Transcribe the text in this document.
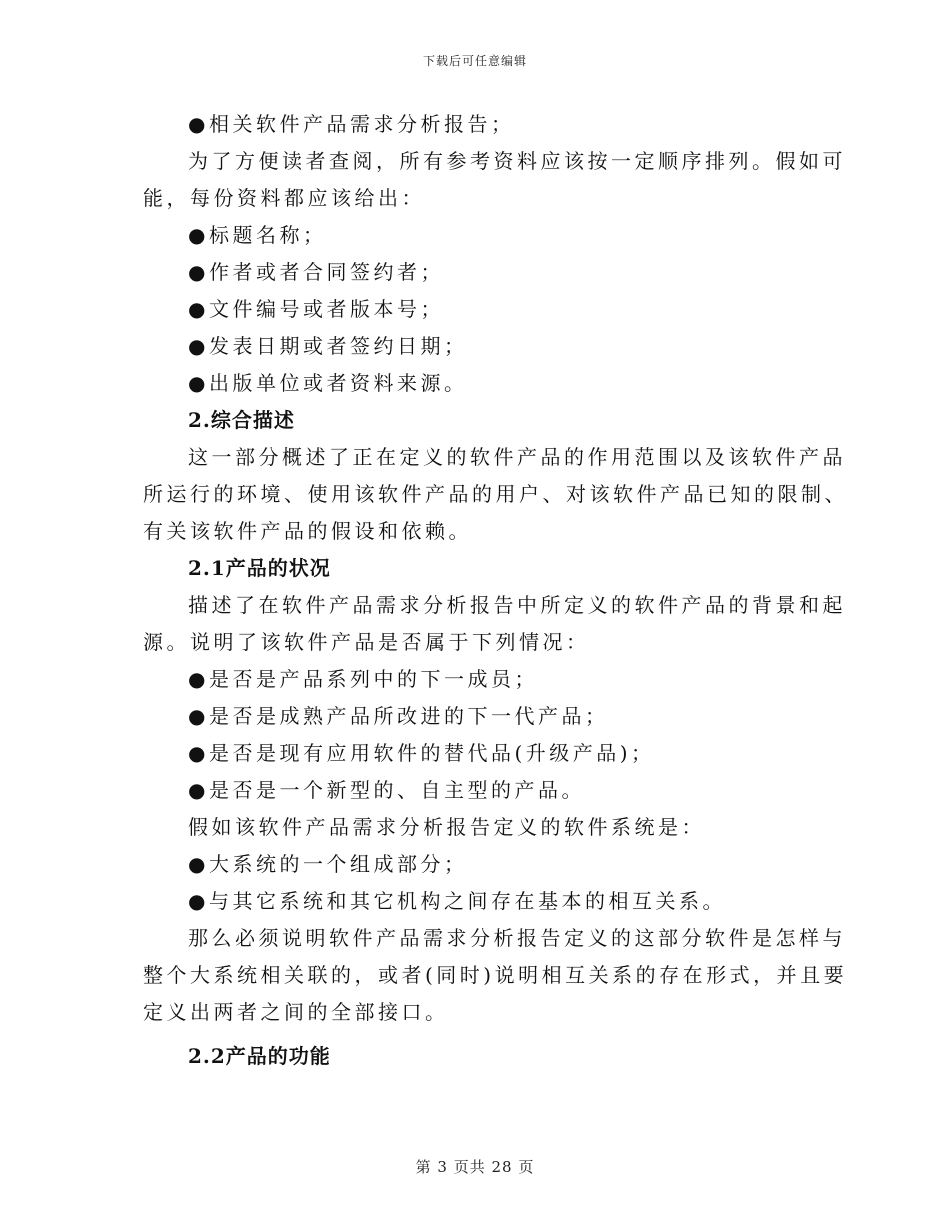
下载后可任意编辑

●相关软件产品需求分析报告；

为了方便读者查阅，所有参考资料应该按一定顺序排列。假如可

能，每份资料都应该给出：

●标题名称；

●作者或者合同签约者；

●文件编号或者版本号；

●发表日期或者签约日期；

●出版单位或者资料来源。

2.综合描述

这一部分概述了正在定义的软件产品的作用范围以及该软件产品

所运行的环境、使用该软件产品的用户、对该软件产品已知的限制、

有关该软件产品的假设和依赖。

2.1产品的状况

描述了在软件产品需求分析报告中所定义的软件产品的背景和起

源。说明了该软件产品是否属于下列情况：

●是否是产品系列中的下一成员；

●是否是成熟产品所改进的下一代产品；

●是否是现有应用软件的替代品(升级产品)；

●是否是一个新型的、自主型的产品。

假如该软件产品需求分析报告定义的软件系统是：

●大系统的一个组成部分；

●与其它系统和其它机构之间存在基本的相互关系。

那么必须说明软件产品需求分析报告定义的这部分软件是怎样与

整个大系统相关联的，或者(同时)说明相互关系的存在形式，并且要

定义出两者之间的全部接口。

2.2产品的功能

第 3 页共 28 页
